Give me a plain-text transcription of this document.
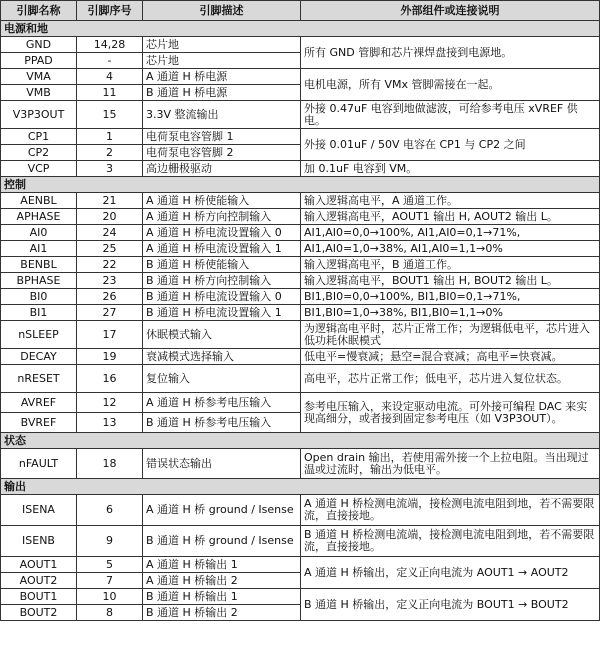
引脚名称	引脚序号	引脚描述	外部组件或连接说明
电源和地			
GND	14,28	芯片地	所有 GND 管脚和芯片裸焊盘接到电源地。
PPAD	-	芯片地	
VMA	4	A 通道 H 桥电源	电机电源，所有 VMx 管脚需接在一起。
VMB	11	B 通道 H 桥电源	
V3P3OUT	15	3.3V 整流输出	外接 0.47uF 电容到地做滤波，可给参考电压 xVREF 供电。
CP1	1	电荷泵电容管脚 1	外接 0.01uF / 50V 电容在 CP1 与 CP2 之间
CP2	2	电荷泵电容管脚 2	
VCP	3	高边栅极驱动	加 0.1uF 电容到 VM。
控制			
AENBL	21	A 通道 H 桥使能输入	输入逻辑高电平，A 通道工作。
APHASE	20	A 通道 H 桥方向控制输入	输入逻辑高电平，AOUT1 输出 H, AOUT2 输出 L。
AI0	24	A 通道 H 桥电流设置输入 0	AI1,AI0=0,0→100%, AI1,AI0=0,1→71%,
AI1	25	A 通道 H 桥电流设置输入 1	AI1,AI0=1,0→38%, AI1,AI0=1,1→0%
BENBL	22	B 通道 H 桥使能输入	输入逻辑高电平，B 通道工作。
BPHASE	23	B 通道 H 桥方向控制输入	输入逻辑高电平，BOUT1 输出 H, BOUT2 输出 L。
BI0	26	B 通道 H 桥电流设置输入 0	BI1,BI0=0,0→100%, BI1,BI0=0,1→71%,
BI1	27	B 通道 H 桥电流设置输入 1	BI1,BI0=1,0→38%, BI1,BI0=1,1→0%
nSLEEP	17	休眠模式输入	为逻辑高电平时，芯片正常工作；为逻辑低电平，芯片进入低功耗休眠模式
DECAY	19	衰减模式选择输入	低电平=慢衰减；悬空=混合衰减；高电平=快衰减。
nRESET	16	复位输入	高电平，芯片正常工作；低电平，芯片进入复位状态。
AVREF	12	A 通道 H 桥参考电压输入	参考电压输入，来设定驱动电流。可外接可编程 DAC 来实现高细分，或者接到固定参考电压（如 V3P3OUT）。
BVREF	13	B 通道 H 桥参考电压输入	
状态			
nFAULT	18	错误状态输出	Open drain 输出，若使用需外接一个上拉电阻。当出现过温或过流时，输出为低电平。
输出			
ISENA	6	A 通道 H 桥 ground / Isense	A 通道 H 桥检测电流端，接检测电流电阻到地，若不需要限流，直接接地。
ISENB	9	B 通道 H 桥 ground / Isense	B 通道 H 桥检测电流端，接检测电流电阻到地，若不需要限流，直接接地。
AOUT1	5	A 通道 H 桥输出 1	A 通道 H 桥输出，定义正向电流为 AOUT1 → AOUT2
AOUT2	7	A 通道 H 桥输出 2	
BOUT1	10	B 通道 H 桥输出 1	B 通道 H 桥输出，定义正向电流为 BOUT1 → BOUT2
BOUT2	8	B 通道 H 桥输出 2	
